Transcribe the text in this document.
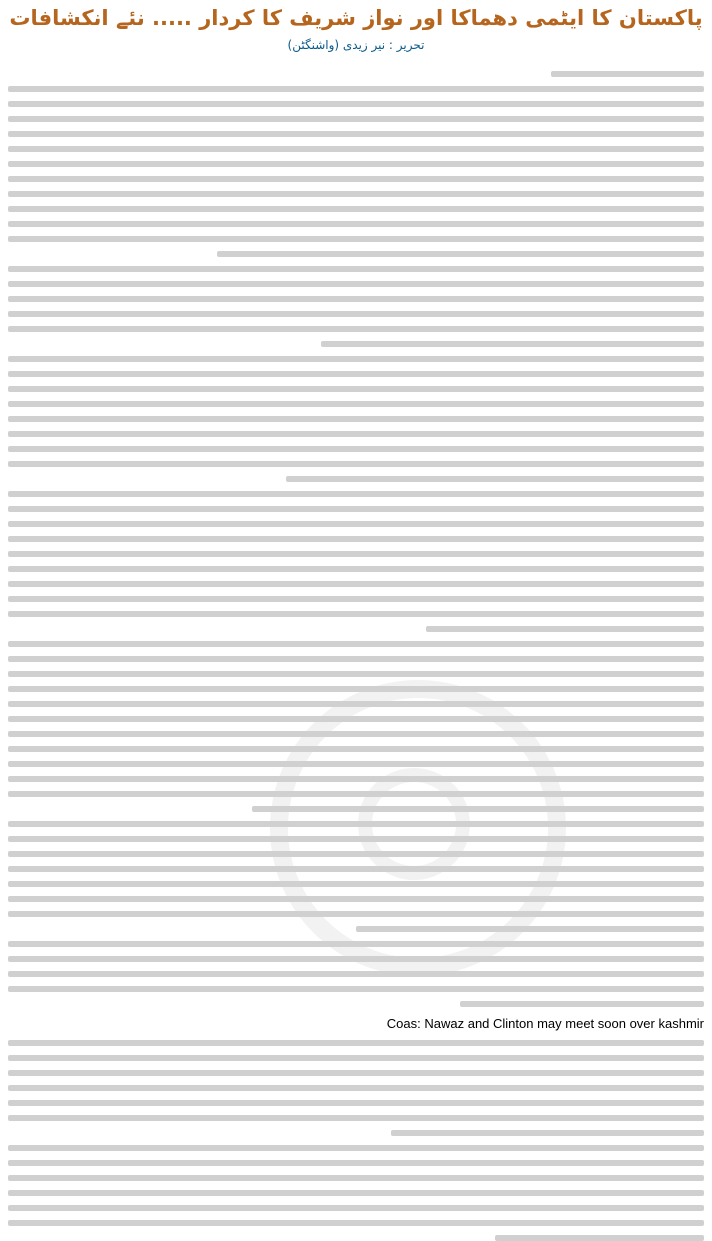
پاکستان کا ایٹمی دھماکا اور نواز شریف کا کردار ..... نئے انکشافات
تحریر : نیر زیدی (واشنگٹن)
Coas: Nawaz and Clinton may meet soon over kashmir
